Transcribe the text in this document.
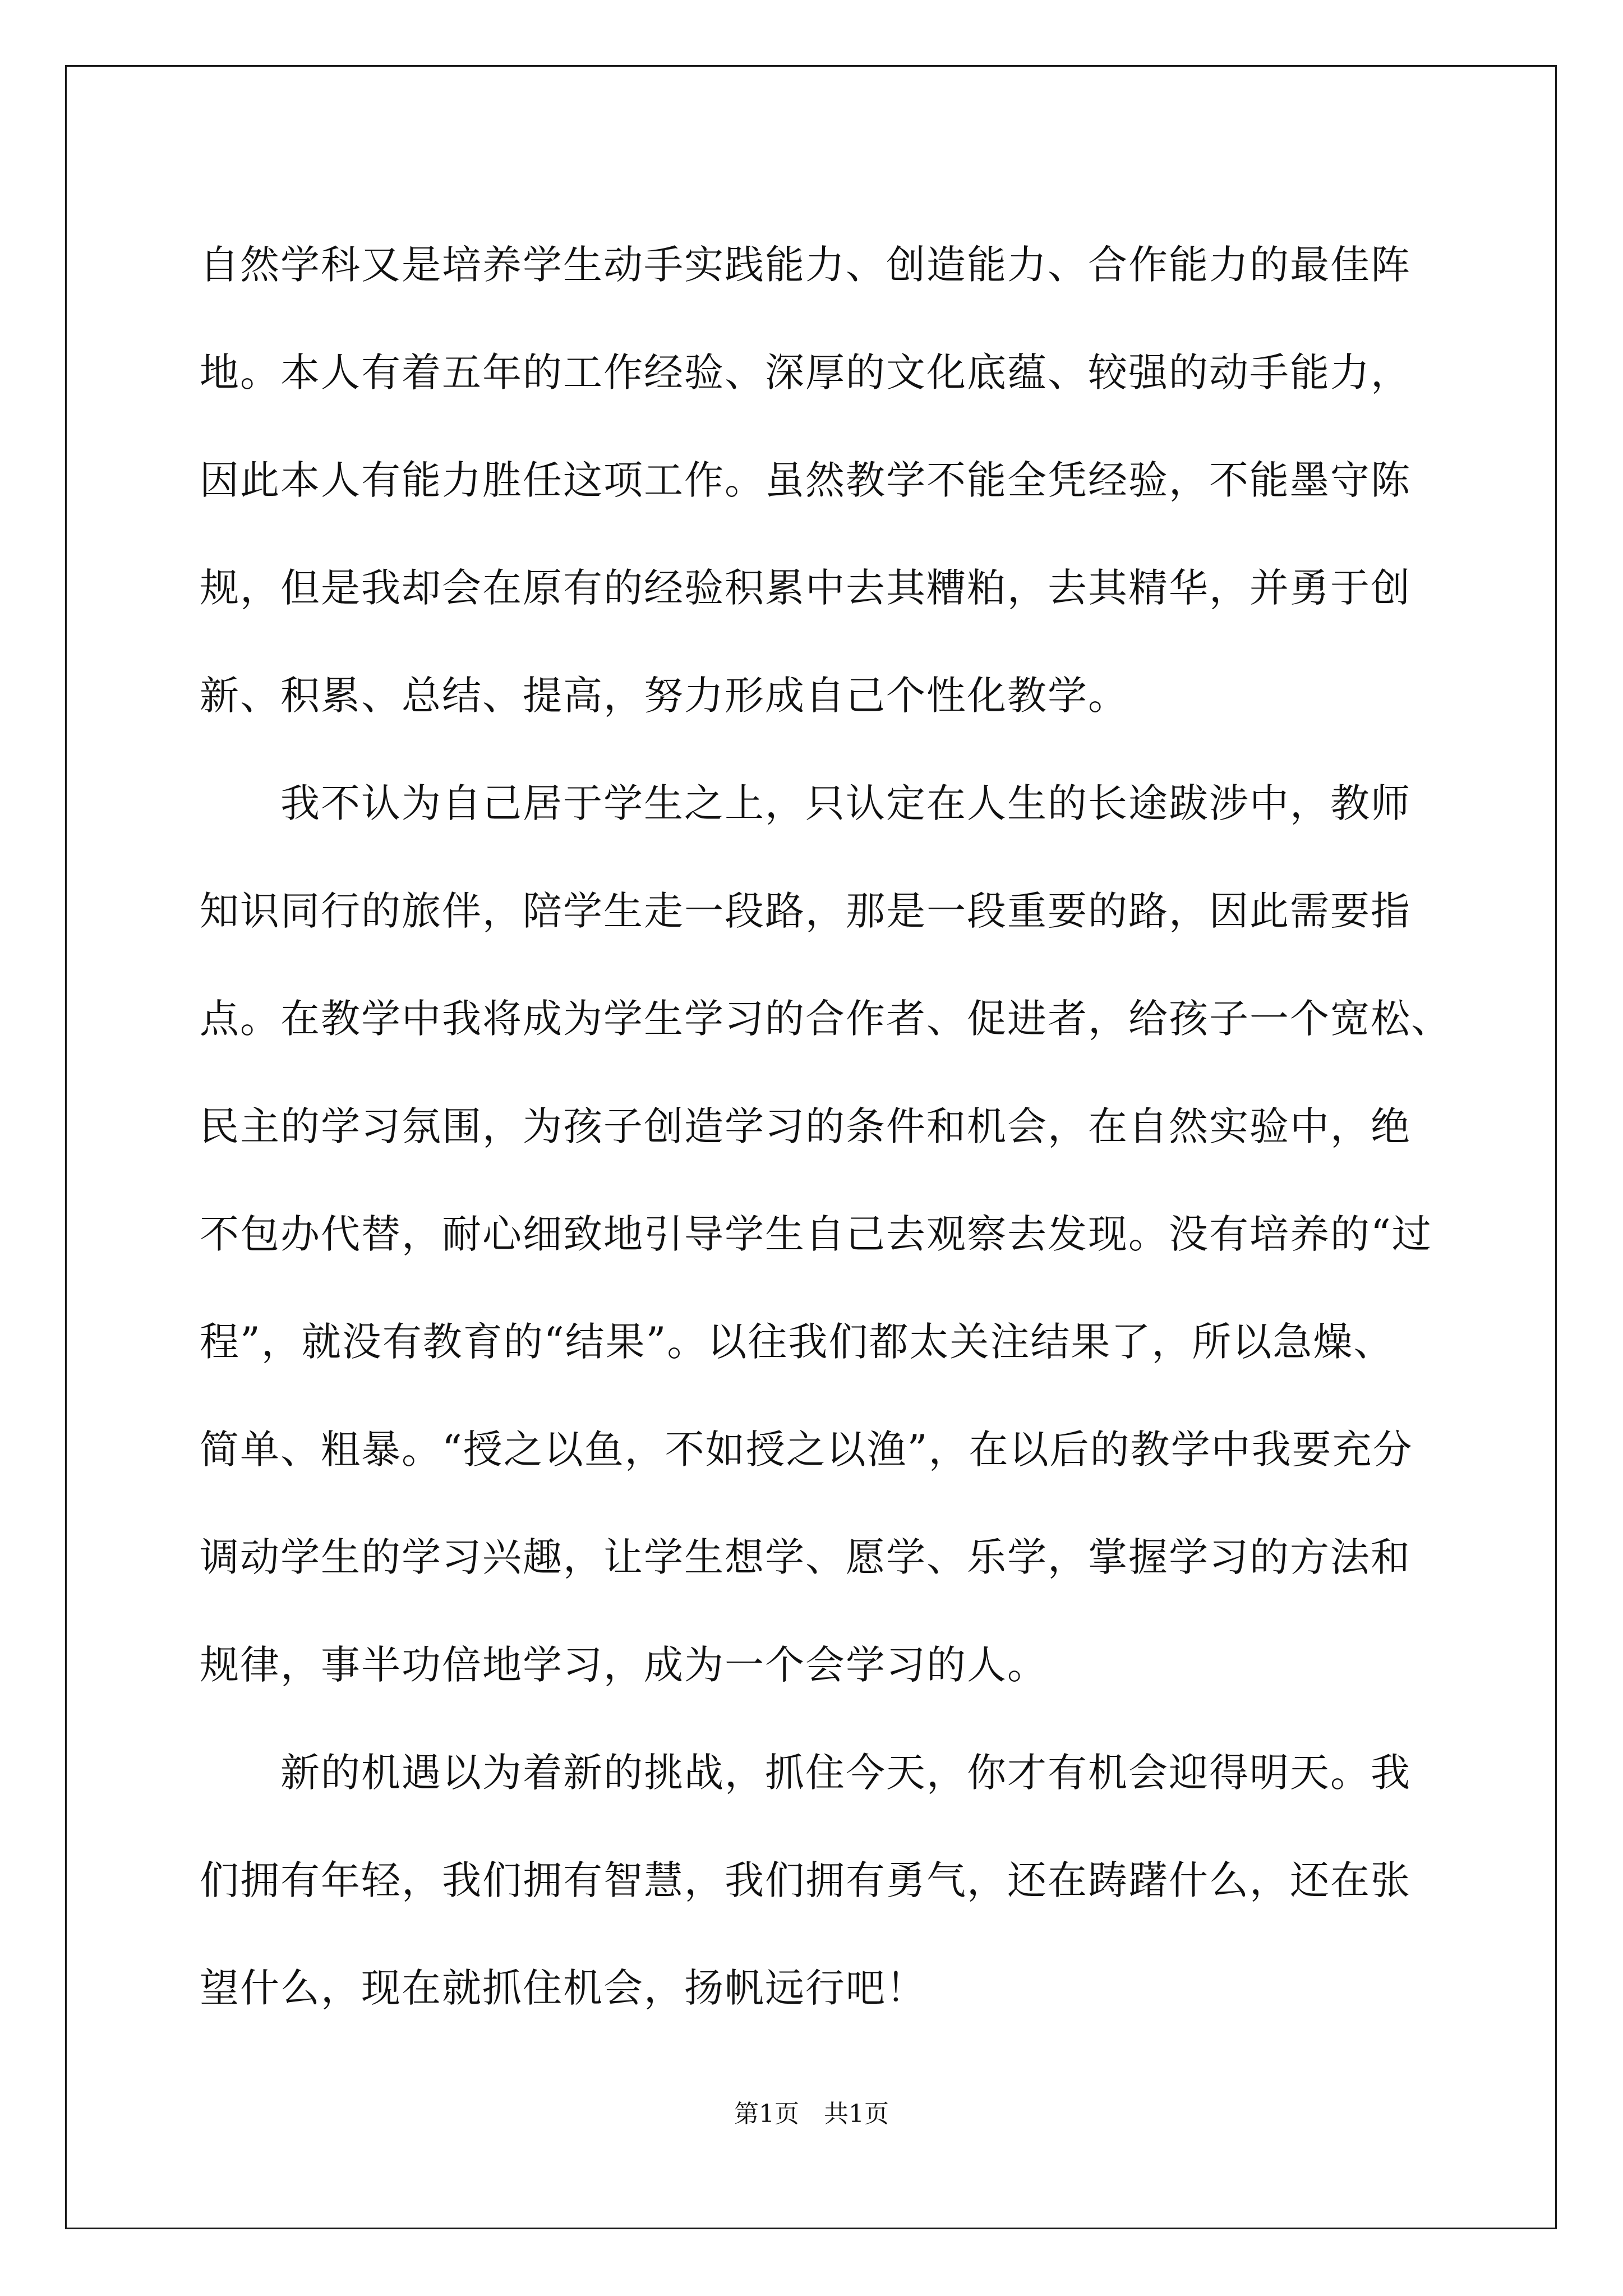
自然学科又是培养学生动手实践能力、创造能力、合作能力的最佳阵
地。本人有着五年的工作经验、深厚的文化底蕴、较强的动手能力，
因此本人有能力胜任这项工作。虽然教学不能全凭经验，不能墨守陈
规，但是我却会在原有的经验积累中去其糟粕，去其精华，并勇于创
新、积累、总结、提高，努力形成自己个性化教学。
　　我不认为自己居于学生之上，只认定在人生的长途跋涉中，教师
知识同行的旅伴，陪学生走一段路，那是一段重要的路，因此需要指
点。在教学中我将成为学生学习的合作者、促进者，给孩子一个宽松、
民主的学习氛围，为孩子创造学习的条件和机会，在自然实验中，绝
不包办代替，耐心细致地引导学生自己去观察去发现。没有培养的“过
程”，就没有教育的“结果”。以往我们都太关注结果了，所以急燥、
简单、粗暴。“授之以鱼，不如授之以渔”，在以后的教学中我要充分
调动学生的学习兴趣，让学生想学、愿学、乐学，掌握学习的方法和
规律，事半功倍地学习，成为一个会学习的人。
　　新的机遇以为着新的挑战，抓住今天，你才有机会迎得明天。我
们拥有年轻，我们拥有智慧，我们拥有勇气，还在踌躇什么，还在张
望什么，现在就抓住机会，扬帆远行吧！
第1页 共1页
